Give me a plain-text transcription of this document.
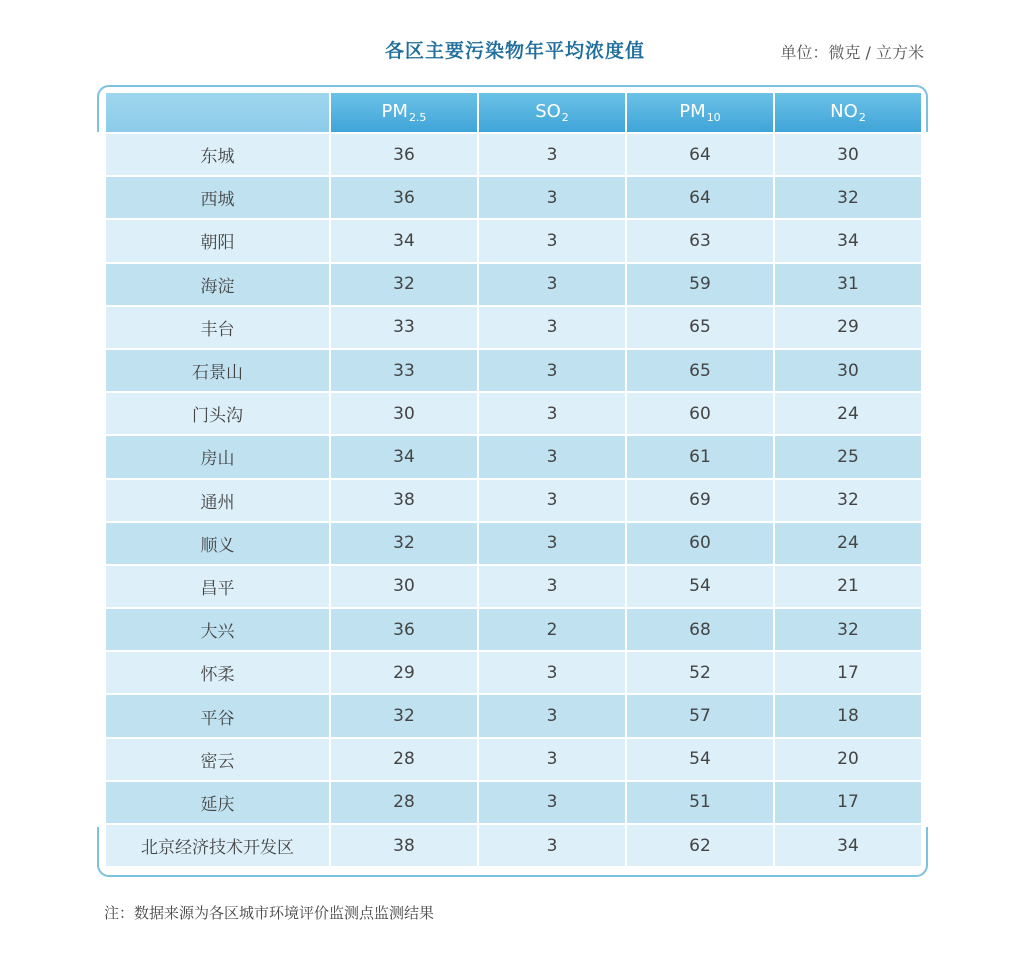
各区主要污染物年平均浓度值	单位：微克 / 立方米
	$PM_{2.5}$	$SO_2$	$PM_{10}$	$NO_2$
东城	36	3	64	30
西城	36	3	64	32
朝阳	34	3	63	34
海淀	32	3	59	31
丰台	33	3	65	29
石景山	33	3	65	30
门头沟	30	3	60	24
房山	34	3	61	25
通州	38	3	69	32
顺义	32	3	60	24
昌平	30	3	54	21
大兴	36	2	68	32
怀柔	29	3	52	17
平谷	32	3	57	18
密云	28	3	54	20
延庆	28	3	51	17
北京经济技术开发区	38	3	62	34
注：数据来源为各区城市环境评价监测点监测结果
